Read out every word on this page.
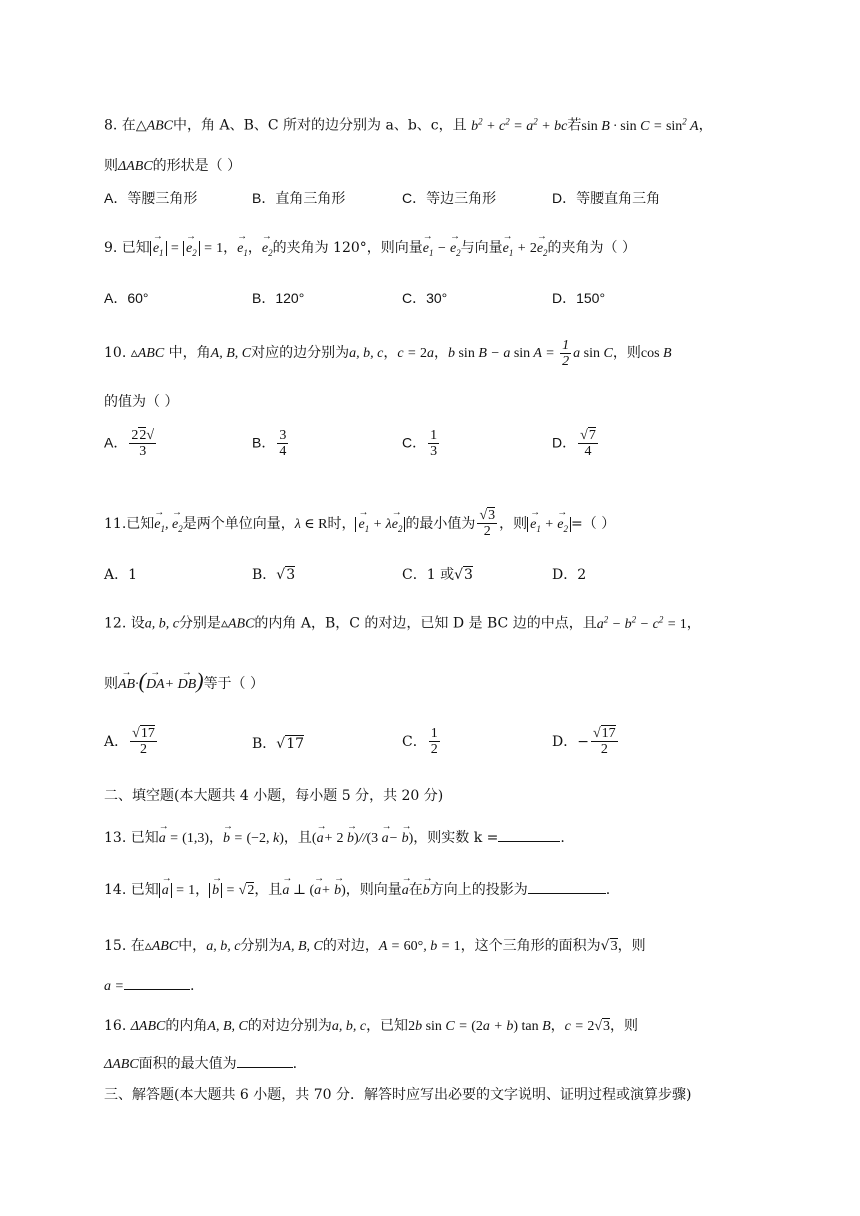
8. 在△ABC中，角 A、B、C 所对的边分别为 a、b、c，且 $b^2 + c^2 = a^2$ + bc若$\sin B \cdot \sin C = \sin^2 A$，
则ΔABC的形状是（ ）
A．等腰三角形	B．直角三角形	C．等边三角形	D．等腰直角三角
9. 已知 → $e_1$ = → $e_2 = 1$，→ $e_1$，→ $e_2$的夹角为 120°，则向量→ $e_1$ − → $e_2$与向量→ $e_1 + 2\to e_2$的夹角为（ ）
A．60°	B．120°	C．30°	D．150°
10. ▵ABC 中，角A, B, C对应的边分别为a, b, c，c = 2a，b sin B − a $\sin A = \frac{1}{2}$ a sin C，则cos B
的值为（ ）
A． $\frac{22√}{3}$	B． $\frac{3}{4}$	C． $\frac{1}{3}$	D． $\frac{√7}{4}$
11.已知→ $e_1$, → $e_2$是两个单位向量，λ ∈ R时， → $e_1 + \lambda\to e_2$ 的最小值为 $\frac{√3}{2}$ ，则 → $e_1$ + → $e_2$ =（ ）
A．1	B．√3	C．1 或√3	D．2
12. 设a, b, c分别是▵ABC的内角 A，B，C 的对边，已知 D 是 BC 边的中点，且$a^2 - b^2 - c^2 = 1$，
则→ AB·(→ DA+ → DB)等于（ ）
A． $\frac{√17}{2}$	B．√17	C． $\frac{1}{2}$	D．− $\frac{√17}{2}$
二、填空题(本大题共 4 小题，每小题 5 分，共 20 分)
13. 已知→ a = (1,3)，→ b = (−2, k)，且(→ a+ 2 → b)//(3 → a− → b)，则实数 k =	.
14. 已知 → a = 1， → b = √2，且→ a ⊥ (→ a+ → b)，则向量→ a在→ b方向上的投影为	.
15. 在▵ABC中，a, b, c分别为A, B, C的对边，A = 60°, b = 1，这个三角形的面积为√3，则
a =	.
16. ΔABC的内角A, B, C的对边分别为a, b, c，已知2b sin C = (2a + b) tan B，c = 2√3，则
ΔABC面积的最大值为	.
三、解答题(本大题共 6 小题，共 70 分．解答时应写出必要的文字说明、证明过程或演算步骤)
